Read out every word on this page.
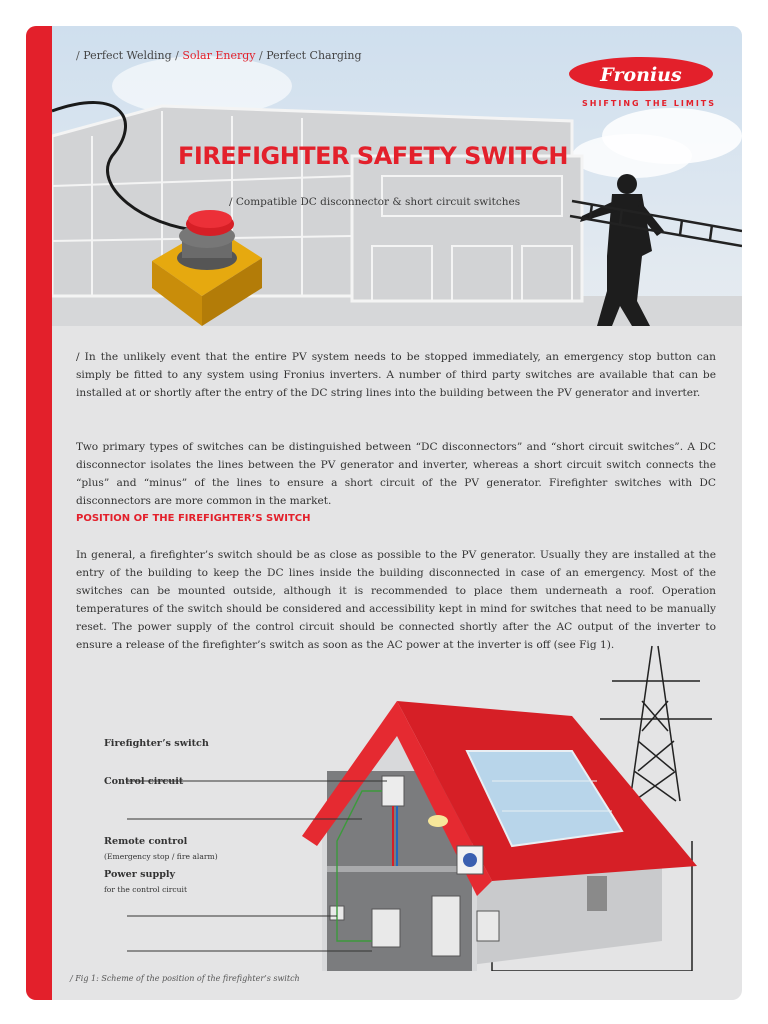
/ Perfect Welding / Solar Energy / Perfect Charging
Fronius
SHIFTING THE LIMITS
FIREFIGHTER SAFETY SWITCH
/ Compatible DC disconnector & short circuit switches

/ In the unlikely event that the entire PV system needs to be stopped immediately, an emergency stop button can simply be fitted to any system using Fronius inverters. A number of third party switches are available that can be installed at or shortly after the entry of the DC string lines into the building between the PV generator and inverter.

Two primary types of switches can be distinguished between “DC disconnectors” and “short circuit switches”. A DC disconnector isolates the lines between the PV generator and inverter, whereas a short circuit switch connects the “plus” and “minus” of the lines to ensure a short circuit of the PV generator. Firefighter switches with DC disconnectors are more common in the market.

POSITION OF THE FIREFIGHTER’S SWITCH

In general, a firefighter’s switch should be as close as possible to the PV generator. Usually they are installed at the entry of the building to keep the DC lines inside the building disconnected in case of an emergency. Most of the switches can be mounted outside, although it is recommended to place them underneath a roof. Operation temperatures of the switch should be considered and accessibility kept in mind for switches that need to be manually reset. The power supply of the control circuit should be connected shortly after the AC output of the inverter to ensure a release of the firefighter’s switch as soon as the AC power at the inverter is off (see Fig 1).

Firefighter’s switch
Control circuit
Remote control
(Emergency stop / fire alarm)
Power supply
for the control circuit
/ Fig 1: Scheme of the position of the firefighter’s switch
